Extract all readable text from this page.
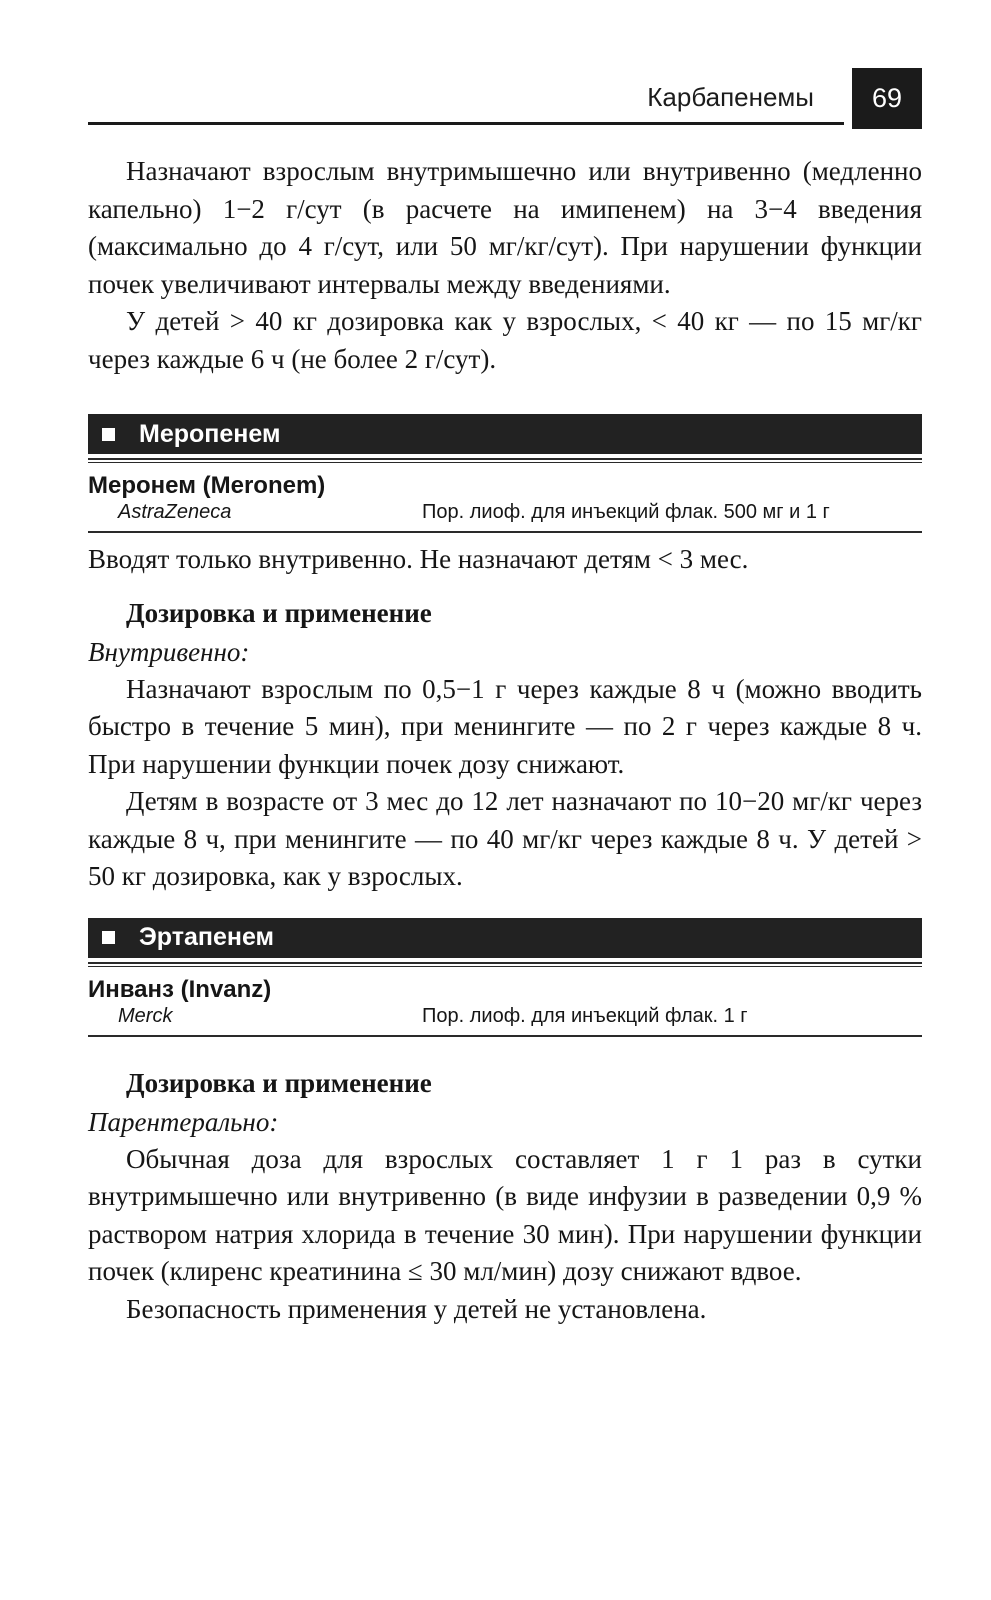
Карбапенемы	69

Назначают взрослым внутримышечно или внутривенно (медленно капельно) 1−2 г/сут (в расчете на имипенем) на 3−4 введения (максимально до 4 г/сут, или 50 мг/кг/сут). При нарушении функции почек увеличивают интервалы между введениями.

У детей > 40 кг дозировка как у взрослых, < 40 кг — по 15 мг/кг через каждые 6 ч (не более 2 г/сут).

Меропенем
Меронем (Meronem)
AstraZeneca	Пор. лиоф. для инъекций флак. 500 мг и 1 г

Вводят только внутривенно. Не назначают детям < 3 мес.

Дозировка и применение
Внутривенно:

Назначают взрослым по 0,5−1 г через каждые 8 ч (можно вводить быстро в течение 5 мин), при менингите — по 2 г через каждые 8 ч. При нарушении функции почек дозу снижают.

Детям в возрасте от 3 мес до 12 лет назначают по 10−20 мг/кг через каждые 8 ч, при менингите — по 40 мг/кг через каждые 8 ч. У детей > 50 кг дозировка, как у взрослых.

Эртапенем
Инванз (Invanz)
Merck	Пор. лиоф. для инъекций флак. 1 г
Дозировка и применение
Парентерально:

Обычная доза для взрослых составляет 1 г 1 раз в сутки внутримышечно или внутривенно (в виде инфузии в разведении 0,9 % раствором натрия хлорида в течение 30 мин). При нарушении функции почек (клиренс креатинина ≤ 30 мл/мин) дозу снижают вдвое.

Безопасность применения у детей не установлена.
